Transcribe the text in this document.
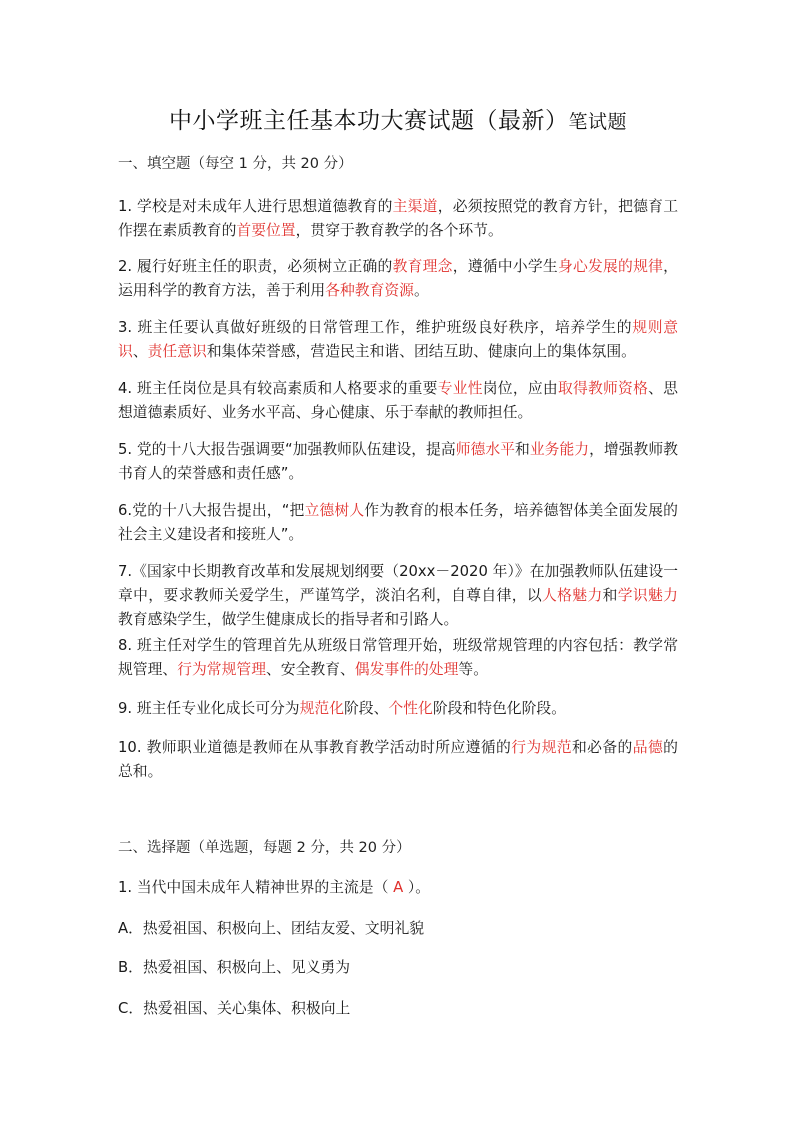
中小学班主任基本功大赛试题（最新）笔试题
一、填空题（每空 1 分，共 20 分）
1. 学校是对未成年人进行思想道德教育的主渠道，必须按照党的教育方针，把德育工作摆在素质教育的首要位置，贯穿于教育教学的各个环节。
2. 履行好班主任的职责，必须树立正确的教育理念，遵循中小学生身心发展的规律，运用科学的教育方法，善于利用各种教育资源。
3. 班主任要认真做好班级的日常管理工作，维护班级良好秩序，培养学生的规则意识、责任意识和集体荣誉感，营造民主和谐、团结互助、健康向上的集体氛围。
4. 班主任岗位是具有较高素质和人格要求的重要专业性岗位，应由取得教师资格、思想道德素质好、业务水平高、身心健康、乐于奉献的教师担任。
5. 党的十八大报告强调要“加强教师队伍建设，提高师德水平和业务能力，增强教师教书育人的荣誉感和责任感”。
6.党的十八大报告提出，“把立德树人作为教育的根本任务，培养德智体美全面发展的社会主义建设者和接班人”。
7.《国家中长期教育改革和发展规划纲要（20xx－2020 年）》在加强教师队伍建设一章中，要求教师关爱学生，严谨笃学，淡泊名利，自尊自律，以人格魅力和学识魅力教育感染学生，做学生健康成长的指导者和引路人。
8. 班主任对学生的管理首先从班级日常管理开始，班级常规管理的内容包括：教学常规管理、行为常规管理、安全教育、偶发事件的处理等。
9. 班主任专业化成长可分为规范化阶段、个性化阶段和特色化阶段。
10. 教师职业道德是教师在从事教育教学活动时所应遵循的行为规范和必备的品德的总和。
二、选择题（单选题，每题 2 分，共 20 分）
1. 当代中国未成年人精神世界的主流是（ A ）。
A．热爱祖国、积极向上、团结友爱、文明礼貌
B．热爱祖国、积极向上、见义勇为
C．热爱祖国、关心集体、积极向上
